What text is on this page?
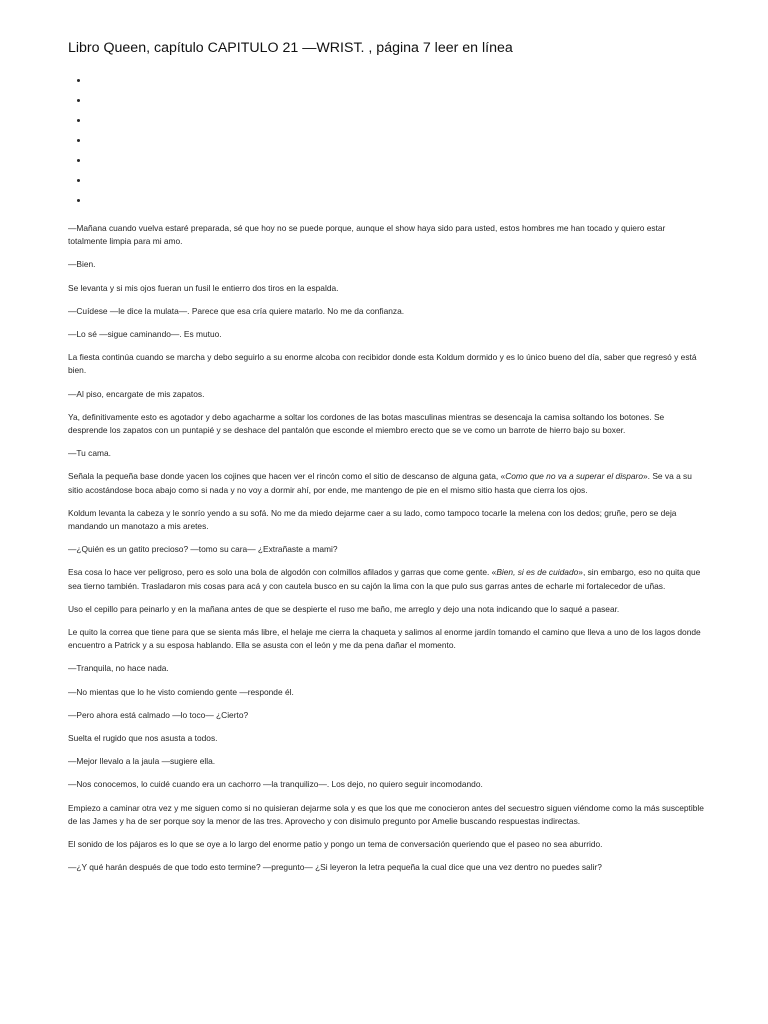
Libro Queen, capítulo CAPITULO 21 —WRIST. , página 7 leer en línea

—Mañana cuando vuelva estaré preparada, sé que hoy no se puede porque, aunque el show haya sido para usted, estos hombres me han tocado y quiero estar totalmente limpia para mi amo.

—Bien.

Se levanta y si mis ojos fueran un fusil le entierro dos tiros en la espalda.

—Cuídese —le dice la mulata—. Parece que esa cría quiere matarlo. No me da confianza.

—Lo sé —sigue caminando—. Es mutuo.

La fiesta continúa cuando se marcha y debo seguirlo a su enorme alcoba con recibidor donde esta Koldum dormido y es lo único bueno del día, saber que regresó y está bien.

—Al piso, encargate de mis zapatos.

Ya, definitivamente esto es agotador y debo agacharme a soltar los cordones de las botas masculinas mientras se desencaja la camisa soltando los botones. Se desprende los zapatos con un puntapié y se deshace del pantalón que esconde el miembro erecto que se ve como un barrote de hierro bajo su boxer.

—Tu cama.

Señala la pequeña base donde yacen los cojines que hacen ver el rincón como el sitio de descanso de alguna gata, «Como que no va a superar el disparo». Se va a su sitio acostándose boca abajo como si nada y no voy a dormir ahí, por ende, me mantengo de pie en el mismo sitio hasta que cierra los ojos.

Koldum levanta la cabeza y le sonrío yendo a su sofá. No me da miedo dejarme caer a su lado, como tampoco tocarle la melena con los dedos; gruñe, pero se deja mandando un manotazo a mis aretes.

—¿Quién es un gatito precioso? —tomo su cara— ¿Extrañaste a mami?

Esa cosa lo hace ver peligroso, pero es solo una bola de algodón con colmillos afilados y garras que come gente. «Bien, si es de cuidado», sin embargo, eso no quita que sea tierno también. Trasladaron mis cosas para acá y con cautela busco en su cajón la lima con la que pulo sus garras antes de echarle mi fortalecedor de uñas.

Uso el cepillo para peinarlo y en la mañana antes de que se despierte el ruso me baño, me arreglo y dejo una nota indicando que lo saqué a pasear.

Le quito la correa que tiene para que se sienta más libre, el helaje me cierra la chaqueta y salimos al enorme jardín tomando el camino que lleva a uno de los lagos donde encuentro a Patrick y a su esposa hablando. Ella se asusta con el león y me da pena dañar el momento.

—Tranquila, no hace nada.

—No mientas que lo he visto comiendo gente —responde él.

—Pero ahora está calmado —lo toco— ¿Cierto?

Suelta el rugido que nos asusta a todos.

—Mejor llevalo a la jaula —sugiere ella.

—Nos conocemos, lo cuidé cuando era un cachorro —la tranquilizo—. Los dejo, no quiero seguir incomodando.

Empiezo a caminar otra vez y me siguen como si no quisieran dejarme sola y es que los que me conocieron antes del secuestro siguen viéndome como la más susceptible de las James y ha de ser porque soy la menor de las tres. Aprovecho y con disimulo pregunto por Amelie buscando respuestas indirectas.

El sonido de los pájaros es lo que se oye a lo largo del enorme patio y pongo un tema de conversación queriendo que el paseo no sea aburrido.

—¿Y qué harán después de que todo esto termine? —pregunto— ¿Si leyeron la letra pequeña la cual dice que una vez dentro no puedes salir?
